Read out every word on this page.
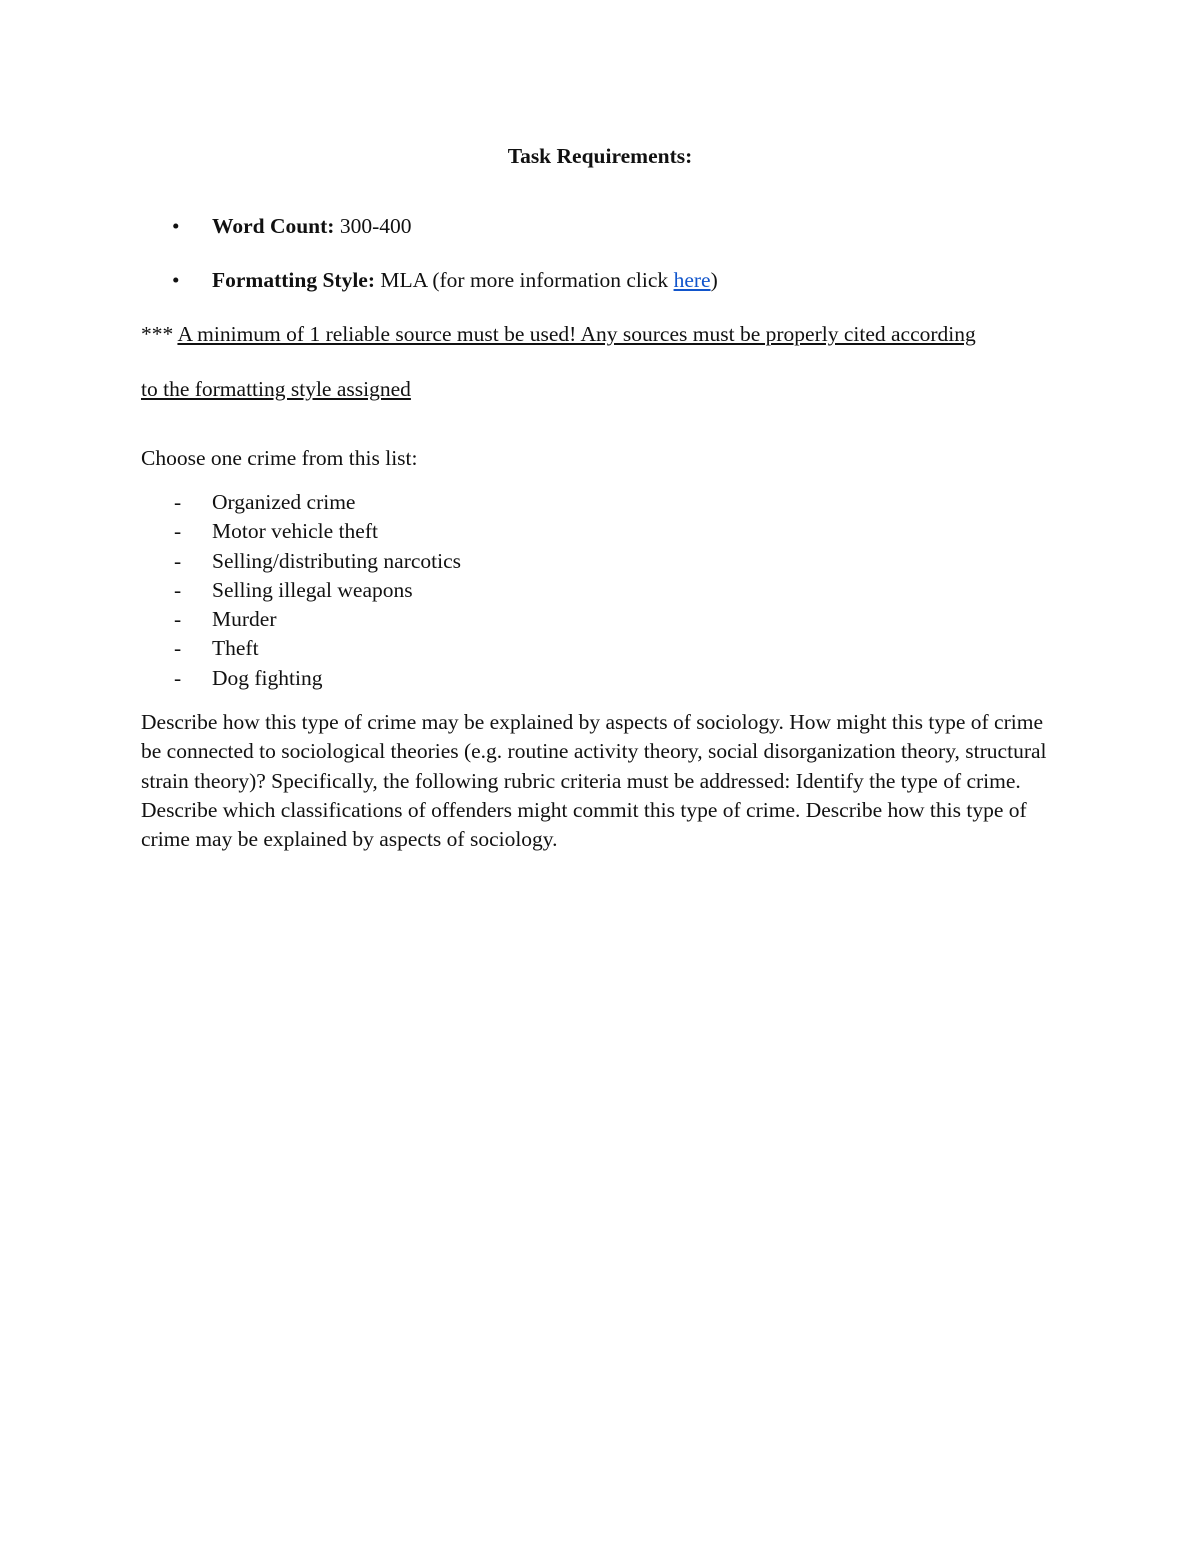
Task Requirements:
• Word Count: 300-400
• Formatting Style: MLA (for more information click here)
*** A minimum of 1 reliable source must be used! Any sources must be properly cited according
to the formatting style assigned
Choose one crime from this list:
- Organized crime
- Motor vehicle theft
- Selling/distributing narcotics
- Selling illegal weapons
- Murder
- Theft
- Dog fighting

Describe how this type of crime may be explained by aspects of sociology. How might this type of crime be connected to sociological theories (e.g. routine activity theory, social disorganization theory, structural strain theory)? Specifically, the following rubric criteria must be addressed: Identify the type of crime. Describe which classifications of offenders might commit this type of crime. Describe how this type of crime may be explained by aspects of sociology.
